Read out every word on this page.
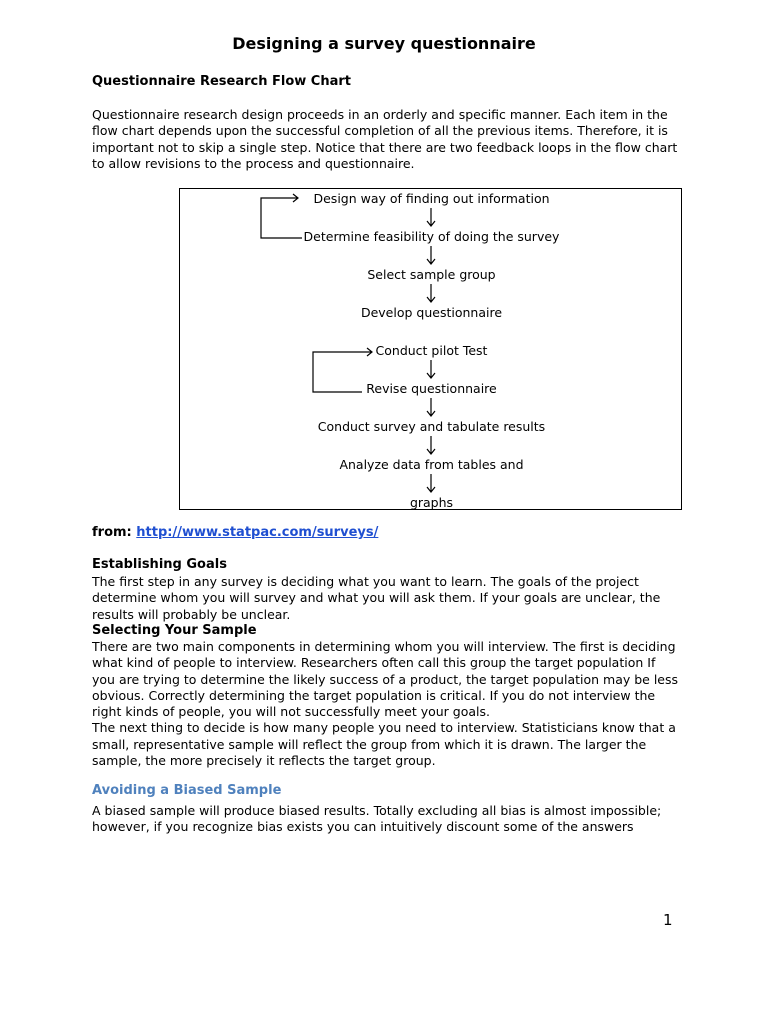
Designing a survey questionnaire
Questionnaire Research Flow Chart
Questionnaire research design proceeds in an orderly and specific manner. Each item in the flow chart depends upon the successful completion of all the previous items. Therefore, it is important not to skip a single step. Notice that there are two feedback loops in the flow chart to allow revisions to the process and questionnaire.
Design way of finding out information
Determine feasibility of doing the survey
Select sample group
Develop questionnaire
Conduct pilot Test
Revise questionnaire
Conduct survey and tabulate results
Analyze data from tables and
graphs
from: http://www.statpac.com/surveys/
Establishing Goals
The first step in any survey is deciding what you want to learn. The goals of the project determine whom you will survey and what you will ask them. If your goals are unclear, the results will probably be unclear.
Selecting Your Sample
There are two main components in determining whom you will interview. The first is deciding what kind of people to interview. Researchers often call this group the target population If you are trying to determine the likely success of a product, the target population may be less obvious. Correctly determining the target population is critical. If you do not interview the right kinds of people, you will not successfully meet your goals.
The next thing to decide is how many people you need to interview. Statisticians know that a small, representative sample will reflect the group from which it is drawn. The larger the sample, the more precisely it reflects the target group.
Avoiding a Biased Sample
A biased sample will produce biased results. Totally excluding all bias is almost impossible; however, if you recognize bias exists you can intuitively discount some of the answers
1
